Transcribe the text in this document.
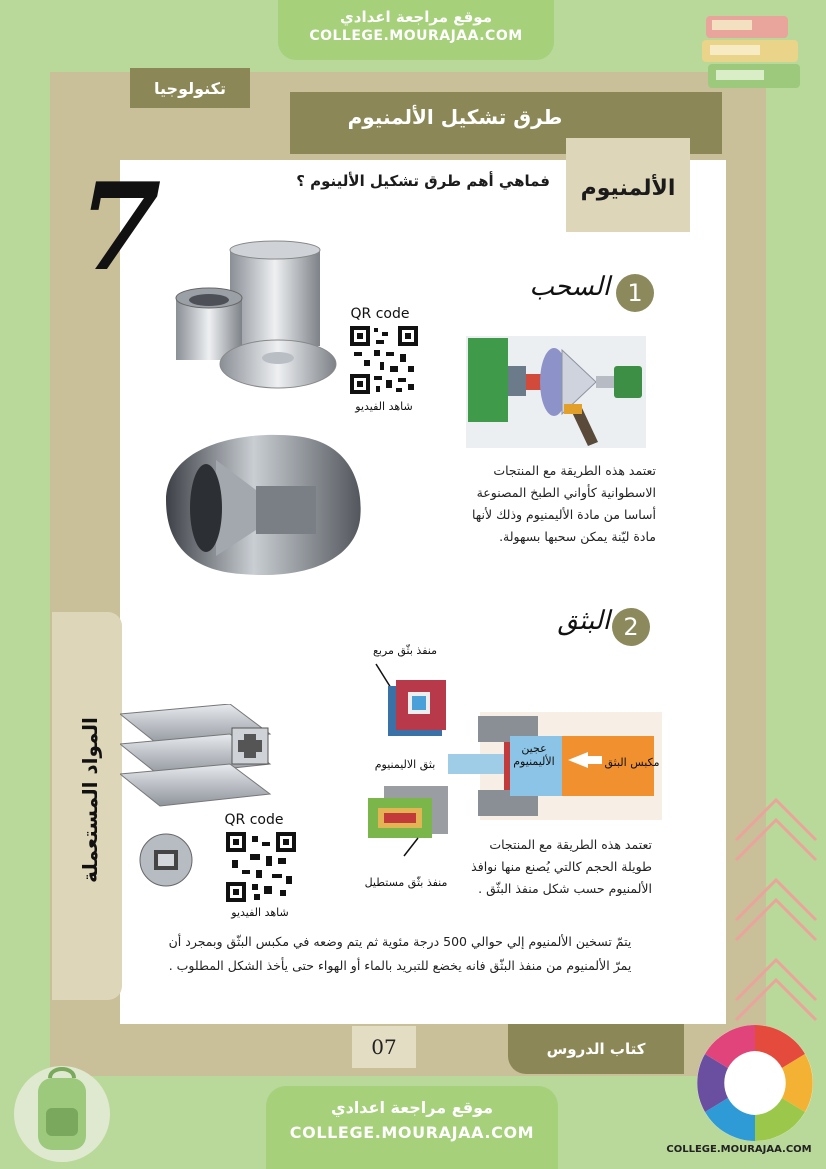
موقع مراجعة اعدادي
COLLEGE.MOURAJAA.COM
تكنولوجيا
طرق تشكيل الألمنيوم
الألمنيوم
7	فماهي أهم طرق تشكيل الألينوم ؟
السحب 1
QR code
شاهد الفيديو
تعتمد هذه الطريقة مع المنتجات
الاسطوانية كأواني الطبخ المصنوعة
أساسا من مادة الأليمنيوم وذلك لأنها
مادة ليّنة يمكن سحبها بسهولة.
البثق 2
المواد المستعملة	QR code
شاهد الفيديو
منفذ بثّق مربع
بثق الاليمنيوم
منفذ بثّق مستطيل
عجين
الأليمنيوم	مكبس البثق
تعتمد هذه الطريقة مع المنتجات
طويلة الحجم كالتي يُصنع منها نوافذ
الألمنيوم حسب شكل منفذ البثّق .
يتمّ تسخين الألمنيوم إلي حوالي 500 درجة مئوية ثم يتم وضعه في مكبس البثّق وبمجرد أن
يمرّ الألمنيوم من منفذ البثّق فانه يخضع للتبريد بالماء أو الهواء حتى يأخذ الشكل المطلوب .
07	كتاب الدروس
موقع مراجعة اعدادي
COLLEGE.MOURAJAA.COM
COLLEGE.MOURAJAA.COM
